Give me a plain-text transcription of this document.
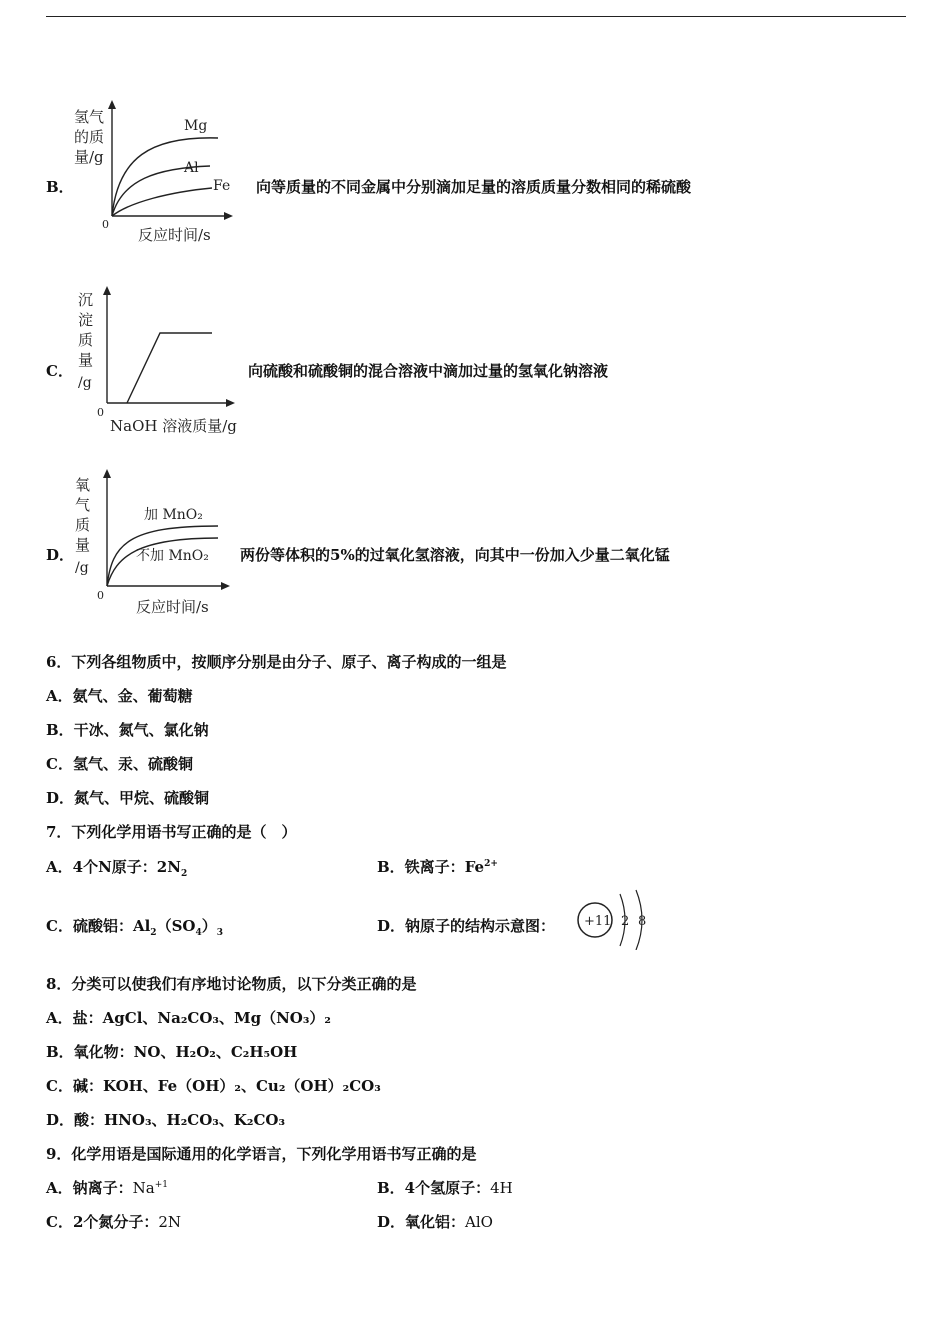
B．
氢气
的质
量/g
0
反应时间/s
Mg
Al
Fe 向等质量的不同金属中分别滴加足量的溶质质量分数相同的稀硫酸
C．
沉
淀
质
量
/g
0
NaOH 溶液质量/g
向硫酸和硫酸铜的混合溶液中滴加过量的氢氧化钠溶液
D．
氧
气
质
量
/g
0
反应时间/s
加 MnO₂
不加 MnO₂ 两份等体积的5%的过氧化氢溶液，向其中一份加入少量二氧化锰
6．下列各组物质中，按顺序分别是由分子、原子、离子构成的一组是
A．氨气、金、葡萄糖
B．干冰、氮气、氯化钠
C．氢气、汞、硫酸铜
D．氮气、甲烷、硫酸铜
7．下列化学用语书写正确的是（　）
A．4个N原子：$2N_2$	B．铁离子：$Fe^{2+}$
C．硫酸铝：$Al_2(SO_4)_3$	D．钠原子的结构示意图： +11 2 8
8．分类可以使我们有序地讨论物质，以下分类正确的是
A．盐：AgCl、Na₂CO₃、Mg（NO₃）₂
B．氧化物：NO、H₂O₂、C₂H₅OH
C．碱：KOH、Fe（OH）₂、Cu₂（OH）₂CO₃
D．酸：HNO₃、H₂CO₃、K₂CO₃
9．化学用语是国际通用的化学语言，下列化学用语书写正确的是
A．钠离子：$Na^{+1}$	B．4个氢原子：4H
C．2个氮分子：2N	D．氧化铝：AlO
